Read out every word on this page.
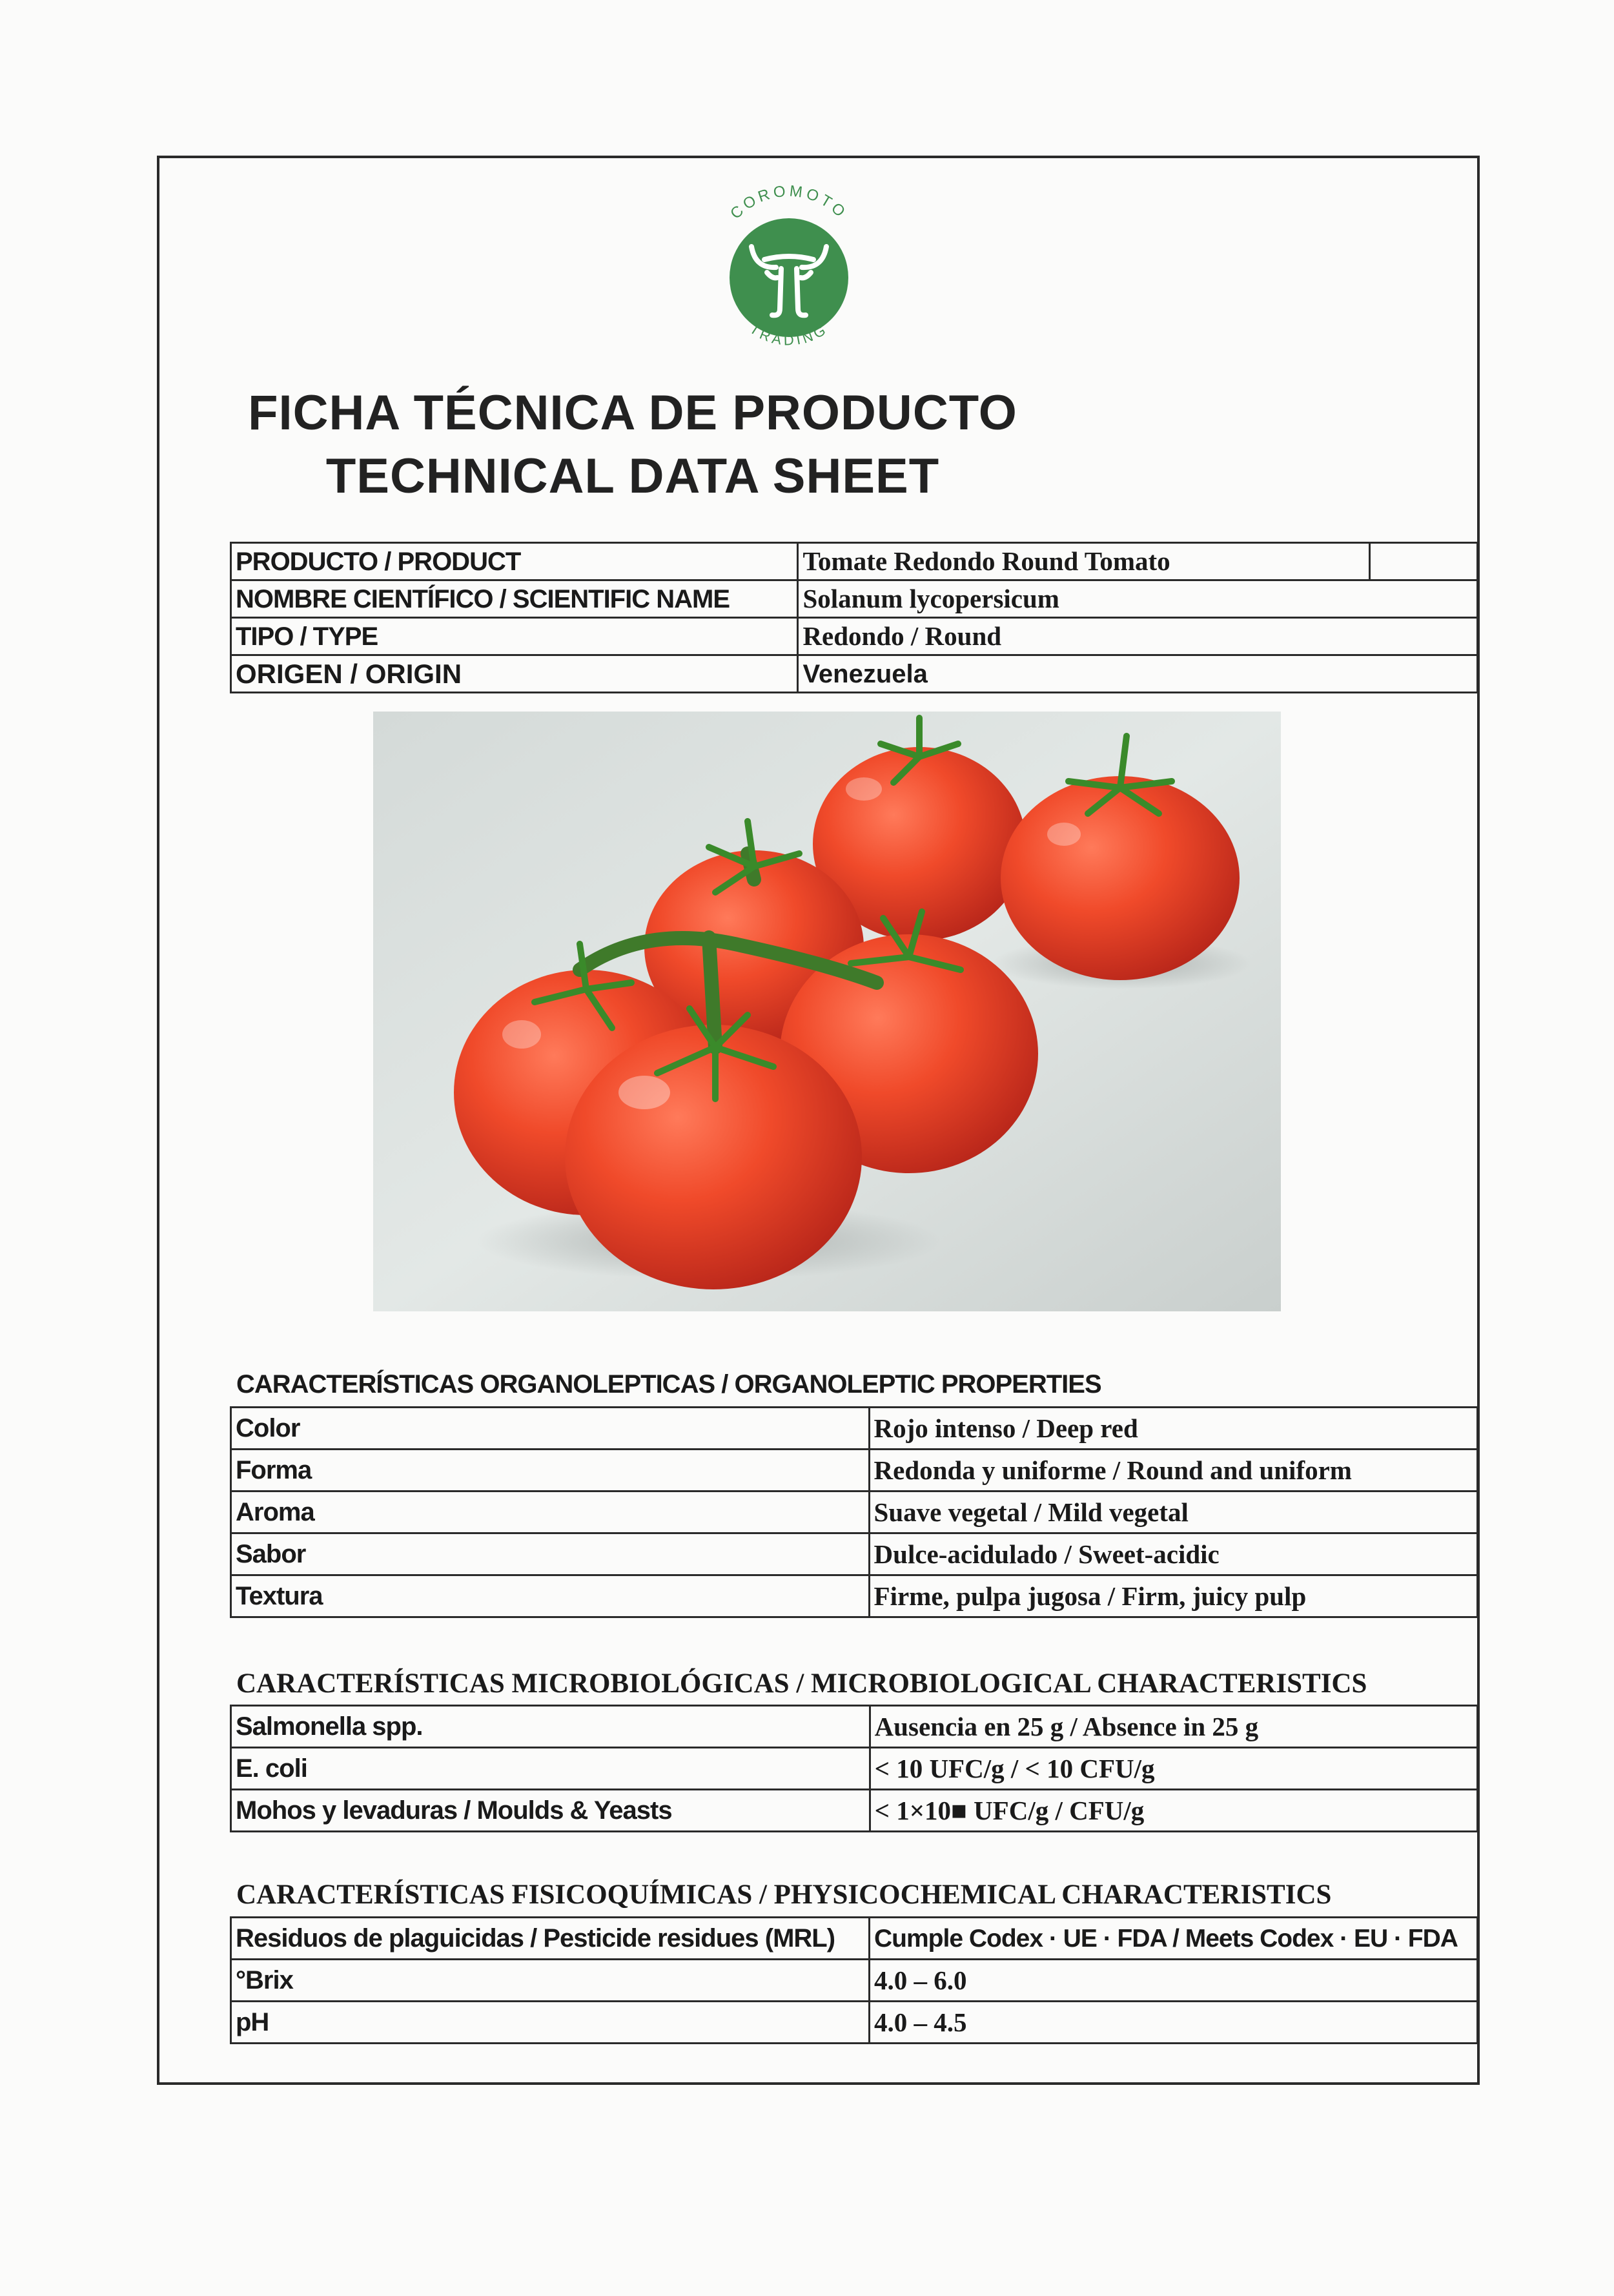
COROMOTO
TRADING
FICHA TÉCNICA DE PRODUCTO
TECHNICAL DATA SHEET
PRODUCTO / PRODUCT	Tomate Redondo Round Tomato	
NOMBRE CIENTÍFICO / SCIENTIFIC NAME	Solanum lycopersicum	
TIPO / TYPE	Redondo / Round	
ORIGEN / ORIGIN	Venezuela	
CARACTERÍSTICAS ORGANOLEPTICAS / ORGANOLEPTIC PROPERTIES
Color	Rojo intenso / Deep red
Forma	Redonda y uniforme / Round and uniform
Aroma	Suave vegetal / Mild vegetal
Sabor	Dulce-acidulado / Sweet-acidic
Textura	Firme, pulpa jugosa / Firm, juicy pulp
CARACTERÍSTICAS MICROBIOLÓGICAS / MICROBIOLOGICAL CHARACTERISTICS
Salmonella spp.	Ausencia en 25 g / Absence in 25 g
E. coli	< 10 UFC/g / < 10 CFU/g
Mohos y levaduras / Moulds & Yeasts	< 1×10■ UFC/g / CFU/g
CARACTERÍSTICAS FISICOQUÍMICAS / PHYSICOCHEMICAL CHARACTERISTICS
Residuos de plaguicidas / Pesticide residues (MRL)	Cumple Codex · UE · FDA / Meets Codex · EU · FDA
°Brix	4.0 – 6.0
pH	4.0 – 4.5
